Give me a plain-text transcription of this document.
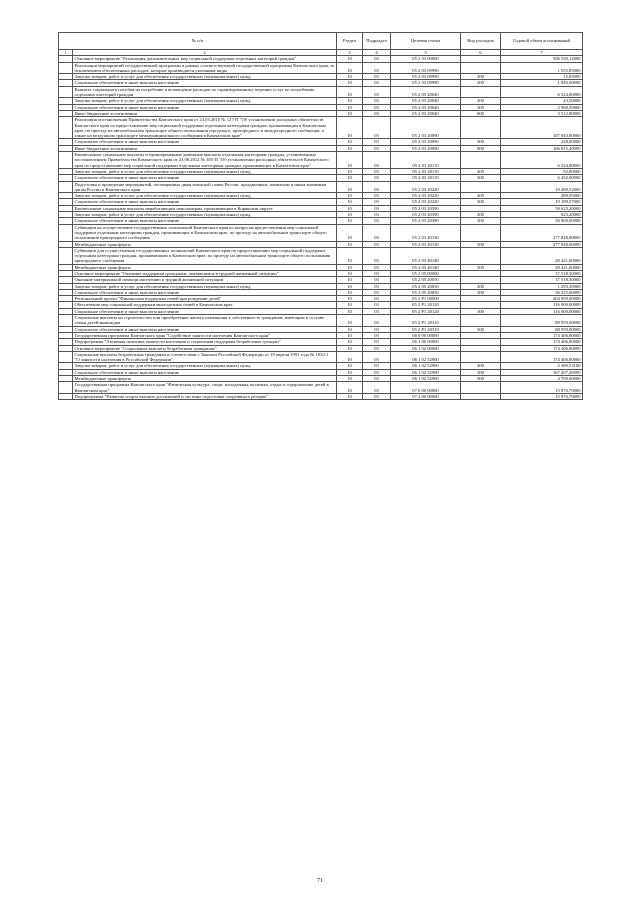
№ п/п		Раздел	Подраздел	Целевая статья	Вид расходов	Годовой объем ассигнований
1	2	3	4	5	6	7
	Основное мероприятие "Реализация дополнительных мер социальной поддержки отдельных категорий граждан"	10	03	05 2 03 00000		506 530,12000
	Реализация мероприятий государственной программы в рамках соответствующей государственной программы Камчатского края, за исключением обеспеченных расходов, которые производятся указанные виды	10	03	05 2 03 09990		1 055,85000
	Закупка товаров, работ и услуг для обеспечения государственных (муниципальных) нужд	10	03	05 2 03 09990	200	15,85000
	Социальное обеспечение и иные выплаты населению	10	03	05 2 03 09990	300	1 040,00000
	Выплата социального пособия на погребение и возмещение расходов по гарантированному перечню услуг по погребению отдельных категорий граждан	10	03	05 2 03 20040		6 524,80000
	Закупка товаров, работ и услуг для обеспечения государственных (муниципальных) нужд	10	03	05 2 03 20040	200	43,50000
	Социальное обеспечение и иные выплаты населению	10	03	05 2 03 20040	300	2 968,50000
	Иные бюджетные ассигнования	10	03	05 2 03 20040	800	3 512,80000
	Реализация постановления Правительства Камчатского края от 23.03.2010 № 127-П "Об установлении расходных обязательств Камчатского края по предоставлению мер социальной поддержки отдельным категориям граждан, проживающим в Камчатском крае, по проезду на автомобильном транспорте общего пользования городского, пригородного и междугородного сообщения, а также на воздушном транспорте межмуниципального сообщения в Камчатском крае"	10	03	05 2 03 20090		107 043,80000
	Социальное обеспечение и иные выплаты населению	10	03	05 2 03 20090	300	228,00000
	Иные бюджетные ассигнования	10	03	05 2 03 20090	800	106 815,40000
	Ежемесячные социальные выплаты и единовременные денежные выплаты отдельным категориям граждан, установленные постановлением Правительства Камчатского края от 23.08.2012 № 385-П "Об установлении расходных обязательств Камчатского края по предоставлению мер социальной поддержки отдельным категориям граждан, проживающих в Камчатском крае"	10	03	05 2 03 20110		6 524,80000
	Закупка товаров, работ и услуг для обеспечения государственных (муниципальных) нужд	10	03	05 2 03 20110	200	92,80000
	Социальное обеспечение и иные выплаты населению	10	03	05 2 03 20110	300	6 432,00000
	Подготовка и проведение мероприятий, посвященных дням воинской славы России, праздничным, памятным и иным значимым датам России и Камчатского края	10	03	05 2 03 20220		19 489,52000
	Закупка товаров, работ и услуг для обеспечения государственных (муниципальных) нужд	10	03	05 2 03 20220	200	289,95000
	Социальное обеспечение и иные выплаты населению	10	03	05 2 03 20220	300	19 199,57000
	Ежемесячные социальные выплаты неработающим пенсионерам, проживающим в Корякском округе	10	03	05 2 03 20390		59 623,20000
	Закупка товаров, работ и услуг для обеспечения государственных (муниципальных) нужд	10	03	05 2 03 20390	200	823,20000
	Социальное обеспечение и иные выплаты населению	10	03	05 2 03 20390	300	58 800,00000
	Субвенции на осуществление государственных полномочий Камчатского края по вопросам предоставления мер социальной поддержки отдельным категориям граждан, проживающих в Камчатском крае, по проезду на автомобильном транспорте общего пользования пригородного сообщения	10	03	05 2 03 40130		277 848,00000
	Межбюджетные трансферты	10	03	05 2 03 40130	500	277 848,00000
	Субвенции для осуществления государственных полномочий Камчатского края по предоставлению мер социальной поддержки отдельным категориям граждан, проживающим в Камчатском крае, по проезду на автомобильном транспорте общего пользования пригородного сообщения	10	03	05 2 03 40140		28 421,60000
	Межбюджетные трансферты	10	03	05 2 03 40140	500	28 421,60000
	Основное мероприятие "Оказание поддержки гражданам, оказавшимся в трудной жизненной ситуации"	10	03	05 2 05 00000		37 518,30000
	Оказание материальной помощи населению в трудной жизненной ситуации	10	03	05 2 05 20050		37 518,30000
	Закупка товаров, работ и услуг для обеспечения государственных (муниципальных) нужд	10	03	05 2 05 20050	200	1 293,30000
	Социальное обеспечение и иные выплаты населению	10	03	05 2 05 20050	300	36 225,00000
	Региональный проект "Финансовая поддержка семей при рождении детей"	10	03	05 2 P1 00000		204 959,00000
	Обеспечение мер социальной поддержки многодетных семей в Камчатском крае	10	03	05 2 P1 20120		116 000,00000
	Социальное обеспечение и иные выплаты населению	10	03	05 2 P1 20120	300	116 000,00000
	Социальные выплаты на строительство или приобретение жилого помещения в собственность гражданам, имеющим в составе семьи детей-инвалидов	10	03	05 2 P1 20310		88 959,00000
	Социальное обеспечение и иные выплаты населению	10	03	05 2 P1 20310	300	88 959,00000
	Государственная программа Камчатского края "Содействие занятости населения Камчатского края"	10	03	06 0 00 00000		174 406,80000
	Подпрограмма "Активная политика занятости населения и социальная поддержка безработных граждан"	10	03	06 1 00 00000		174 406,80000
	Основное мероприятие "Социальные выплаты безработным гражданам"	10	03	06 1 02 00000		174 406,80000
	Социальные выплаты безработным гражданам в соответствии с Законом Российской Федерации от 19 апреля 1991 года № 1032-1 "О занятости населения в Российской Федерации"	10	03	06 1 02 52900		174 406,80000
	Закупка товаров, работ и услуг для обеспечения государственных (муниципальных) нужд	10	03	06 1 02 52900	200	2 499,53100
	Социальное обеспечение и иные выплаты населению	10	03	06 1 02 52900	300	167 207,26900
	Межбюджетные трансферты	10	03	06 1 02 52900	500	4 700,00000
	Государственная программа Камчатского края "Физическая культура, спорт, молодежная политика, отдых и оздоровление детей в Камчатском крае"	10	03	07 0 00 00000		15 876,70000
	Подпрограмма "Развитие спорта высших достижений и системы подготовки спортивного резерва"	10	03	07 2 00 00000		15 876,70000
71
